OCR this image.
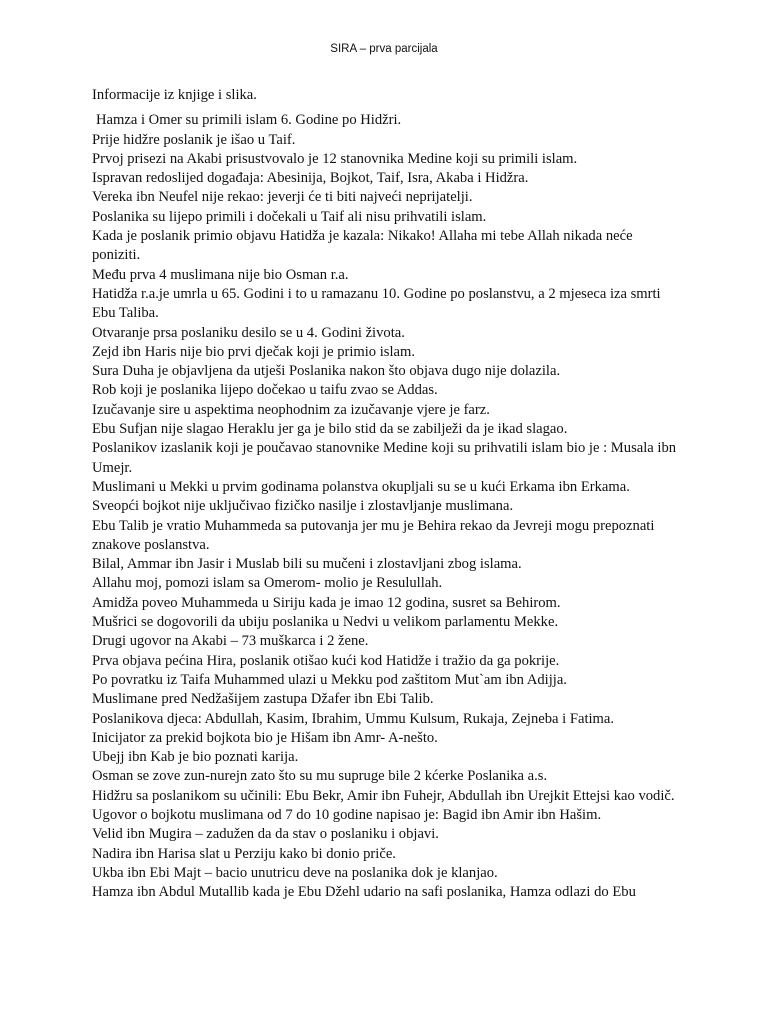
SIRA – prva parcijala

Informacije iz knjige i slika.

Hamza i Omer su primili islam 6. Godine po Hidžri.
Prije hidžre poslanik je išao u Taif.
Prvoj prisezi na Akabi prisustvovalo je 12 stanovnika Medine koji su primili islam.
Ispravan redoslijed događaja: Abesinija, Bojkot, Taif, Isra, Akaba i Hidžra.
Vereka ibn Neufel nije rekao: jeverji će ti biti najveći neprijatelji.
Poslanika su lijepo primili i dočekali u Taif ali nisu prihvatili islam.
Kada je poslanik primio objavu Hatidža je kazala: Nikako! Allaha mi tebe Allah nikada neće poniziti.
Među prva 4 muslimana nije bio Osman r.a.
Hatidža r.a.je umrla u 65. Godini i to u ramazanu 10. Godine po poslanstvu, a 2 mjeseca iza smrti Ebu Taliba.
Otvaranje prsa poslaniku desilo se u 4. Godini života.
Zejd ibn Haris nije bio prvi dječak koji je primio islam.
Sura Duha je objavljena da utješi Poslanika nakon što objava dugo nije dolazila.
Rob koji je poslanika lijepo dočekao u taifu zvao se Addas.
Izučavanje sire u aspektima neophodnim za izučavanje vjere je farz.
Ebu Sufjan nije slagao Heraklu jer ga je bilo stid da se zabilježi da je ikad slagao.
Poslanikov izaslanik koji je poučavao stanovnike Medine koji su prihvatili islam bio je : Musala ibn Umejr.
Muslimani u Mekki u prvim godinama polanstva okupljali su se u kući Erkama ibn Erkama.
Sveopći bojkot nije uključivao fizičko nasilje i zlostavljanje muslimana.
Ebu Talib je vratio Muhammeda sa putovanja jer mu je Behira rekao da Jevreji mogu prepoznati znakove poslanstva.
Bilal, Ammar ibn Jasir i Muslab bili su mučeni i zlostavljani zbog islama.
Allahu moj, pomozi islam sa Omerom- molio je Resulullah.
Amidža poveo Muhammeda u Siriju kada je imao 12 godina, susret sa Behirom.
Mušrici se dogovorili da ubiju poslanika u Nedvi u velikom parlamentu Mekke.
Drugi ugovor na Akabi – 73 muškarca i 2 žene.
Prva objava pećina Hira, poslanik otišao kući kod Hatidže i tražio da ga pokrije.
Po povratku iz Taifa Muhammed ulazi u Mekku pod zaštitom Mut`am ibn Adijja.
Muslimane pred Nedžašijem zastupa Džafer ibn Ebi Talib.
Poslanikova djeca: Abdullah, Kasim, Ibrahim, Ummu Kulsum, Rukaja, Zejneba i Fatima.
Inicijator za prekid bojkota bio je Hišam ibn Amr- A-nešto.
Ubejj ibn Kab je bio poznati karija.
Osman se zove zun-nurejn zato što su mu supruge bile 2 kćerke Poslanika a.s.
Hidžru sa poslanikom su učinili: Ebu Bekr, Amir ibn Fuhejr, Abdullah ibn Urejkit Ettejsi kao vodič.
Ugovor o bojkotu muslimana od 7 do 10 godine napisao je: Bagid ibn Amir ibn Hašim.
Velid ibn Mugira – zadužen da da stav o poslaniku i objavi.
Nadira ibn Harisa slat u Perziju kako bi donio priče.
Ukba ibn Ebi Majt – bacio unutricu deve na poslanika dok je klanjao.
Hamza ibn Abdul Mutallib kada je Ebu Džehl udario na safi poslanika, Hamza odlazi do Ebu
